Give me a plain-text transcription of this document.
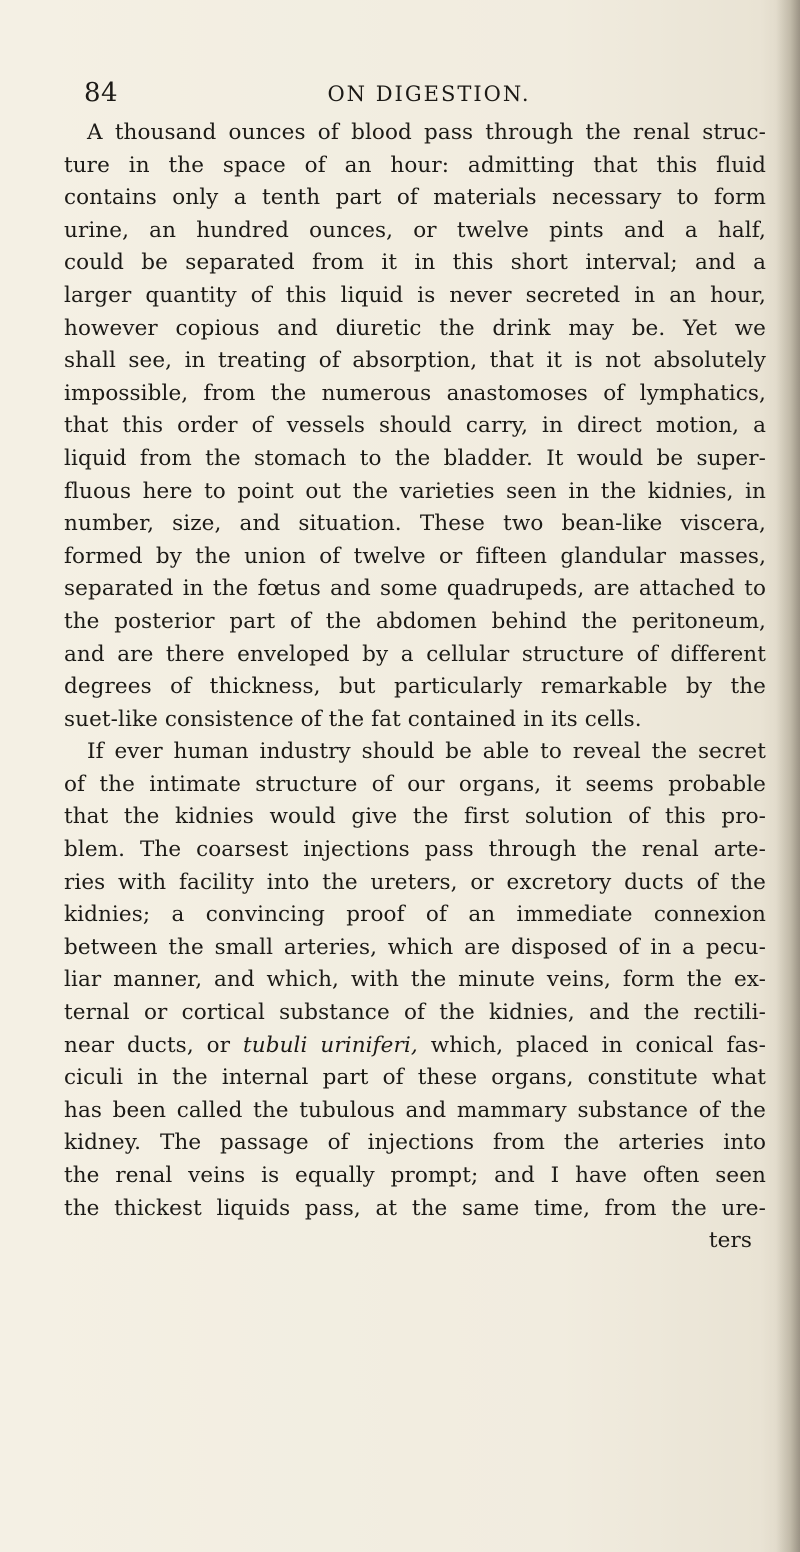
84	ON DIGESTION.
A thousand ounces of blood pass through the renal struc-
ture in the space of an hour: admitting that this fluid
contains only a tenth part of materials necessary to form
urine, an hundred ounces, or twelve pints and a half,
could be separated from it in this short interval; and a
larger quantity of this liquid is never secreted in an hour,
however copious and diuretic the drink may be. Yet we
shall see, in treating of absorption, that it is not absolutely
impossible, from the numerous anastomoses of lymphatics,
that this order of vessels should carry, in direct motion, a
liquid from the stomach to the bladder. It would be super-
fluous here to point out the varieties seen in the kidnies, in
number, size, and situation. These two bean-like viscera,
formed by the union of twelve or fifteen glandular masses,
separated in the fœtus and some quadrupeds, are attached to
the posterior part of the abdomen behind the peritoneum,
and are there enveloped by a cellular structure of different
degrees of thickness, but particularly remarkable by the
suet-like consistence of the fat contained in its cells.
If ever human industry should be able to reveal the secret
of the intimate structure of our organs, it seems probable
that the kidnies would give the first solution of this pro-
blem. The coarsest injections pass through the renal arte-
ries with facility into the ureters, or excretory ducts of the
kidnies; a convincing proof of an immediate connexion
between the small arteries, which are disposed of in a pecu-
liar manner, and which, with the minute veins, form the ex-
ternal or cortical substance of the kidnies, and the rectili-
near ducts, or tubuli uriniferi, which, placed in conical fas-
ciculi in the internal part of these organs, constitute what
has been called the tubulous and mammary substance of the
kidney. The passage of injections from the arteries into
the renal veins is equally prompt; and I have often seen
the thickest liquids pass, at the same time, from the ure-
ters
